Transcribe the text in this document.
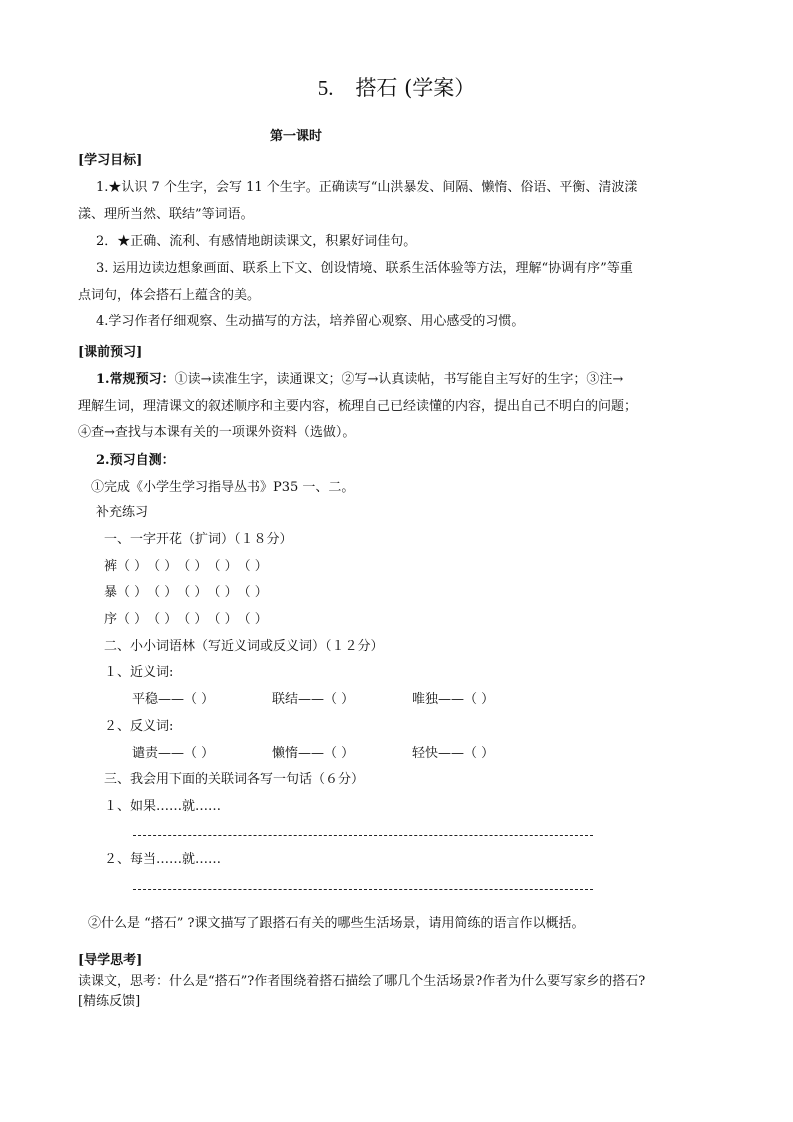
5. 搭石 (学案）
第一课时
[学习目标]
1.★认识 7 个生字，会写 11 个生字。正确读写“山洪暴发、间隔、懒惰、俗语、平衡、清波漾
漾、理所当然、联结”等词语。
2．★正确、流利、有感情地朗读课文，积累好词佳句。
3. 运用边读边想象画面、联系上下文、创设情境、联系生活体验等方法，理解“协调有序”等重
点词句，体会搭石上蕴含的美。
4.学习作者仔细观察、生动描写的方法，培养留心观察、用心感受的习惯。
[课前预习]
1.常规预习：①读→读准生字，读通课文；②写→认真读帖，书写能自主写好的生字；③注→
理解生词，理清课文的叙述顺序和主要内容，梳理自己已经读懂的内容，提出自己不明白的问题；
④查→查找与本课有关的一项课外资料（选做）。
2.预习自测：
①完成《小学生学习指导丛书》P35 一、二。
补充练习
一、一字开花（扩词）（１８分）
裤（ ）（ ）（ ）（ ）（ ）
暴（ ）（ ）（ ）（ ）（ ）
序（ ）（ ）（ ）（ ）（ ）
二、小小词语林（写近义词或反义词）（１２分）
１、近义词:
平稳——（ ）	联结——（ ）	唯独——（ ）
２、反义词:
谴责——（ ）	懒惰——（ ）	轻快——（ ）
三、我会用下面的关联词各写一句话（６分）
１、如果……就……
２、每当……就……
②什么是 “搭石” ?课文描写了跟搭石有关的哪些生活场景，请用简练的语言作以概括。
[导学思考]
读课文，思考：什么是“搭石”?作者围绕着搭石描绘了哪几个生活场景?作者为什么要写家乡的搭石?
[精练反馈]
